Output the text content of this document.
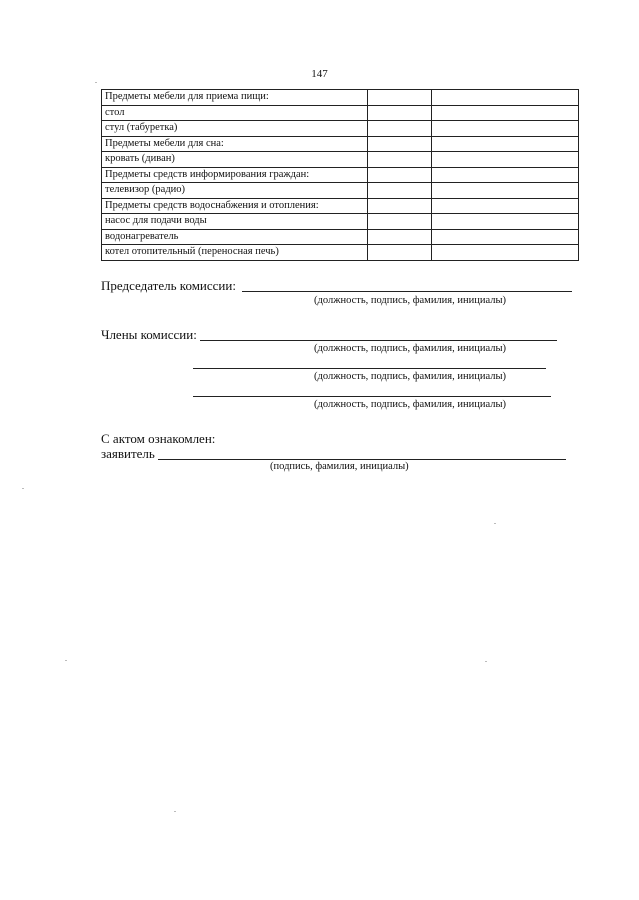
147
Предметы мебели для приема пищи:		
стол		
стул (табуретка)		
Предметы мебели для сна:		
кровать (диван)		
Предметы средств информирования граждан:		
телевизор (радио)		
Предметы средств водоснабжения и отопления:		
насос для подачи воды		
водонагреватель		
котел отопительный (переносная печь)		
Председатель комиссии:
(должность, подпись, фамилия, инициалы)
Члены комиссии:
(должность, подпись, фамилия, инициалы)
(должность, подпись, фамилия, инициалы)
(должность, подпись, фамилия, инициалы)
С актом ознакомлен:
заявитель
(подпись, фамилия, инициалы)
